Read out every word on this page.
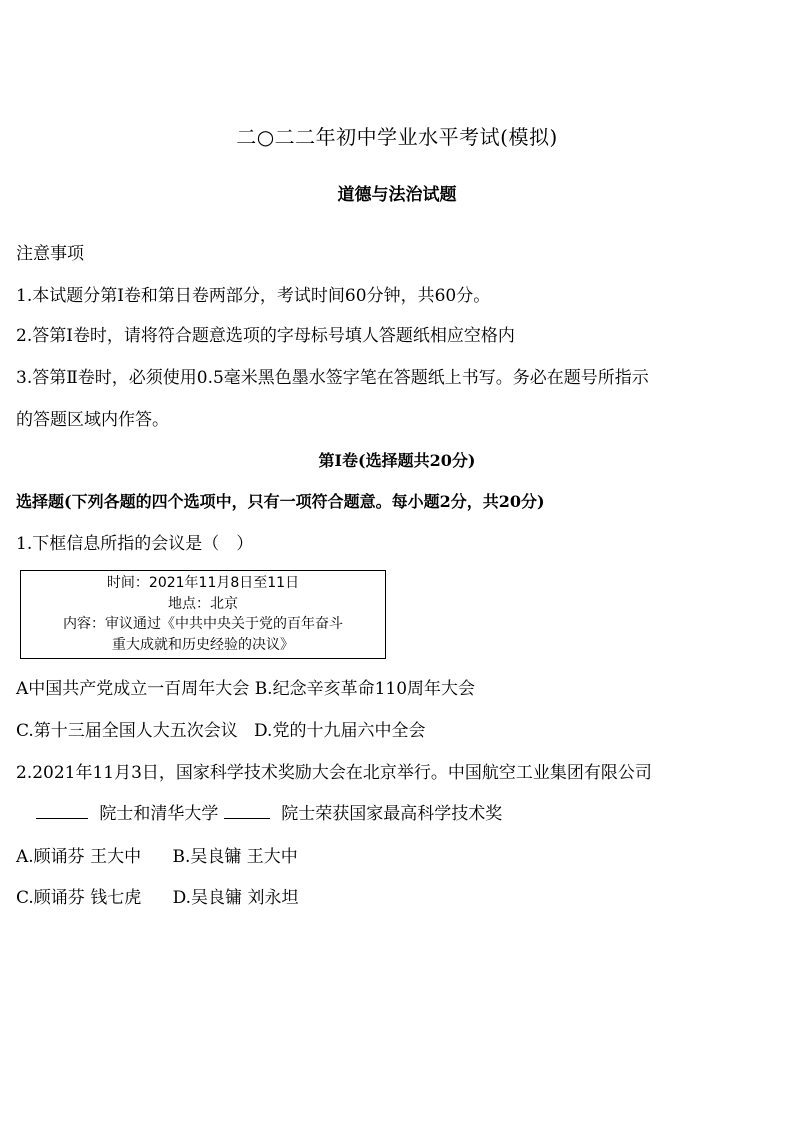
二○二二年初中学业水平考试(模拟)
道德与法治试题
注意事项
1.本试题分第Ⅰ卷和第日卷两部分，考试时间60分钟，共60分。
2.答第Ⅰ卷时，请将符合题意选项的字母标号填人答题纸相应空格内
3.答第Ⅱ卷时，必须使用0.5毫米黑色墨水签字笔在答题纸上书写。务必在题号所指示
的答题区域内作答。
第Ⅰ卷(选择题共20分)
选择题(下列各题的四个选项中，只有一项符合题意。每小题2分，共20分)
1.下框信息所指的会议是（　）
时间：2021年11月8日至11日
地点：北京
内容：审议通过《中共中央关于党的百年奋斗
重大成就和历史经验的决议》
A中国共产党成立一百周年大会 B.纪念辛亥革命110周年大会
C.第十三届全国人大五次会议 D.党的十九届六中全会
2.2021年11月3日，国家科学技术奖励大会在北京举行。中国航空工业集团有限公司
院士和清华大学	院士荣获国家最高科学技术奖
A.顾诵芬 王大中 B.吴良镛 王大中
C.顾诵芬 钱七虎 D.吴良镛 刘永坦
